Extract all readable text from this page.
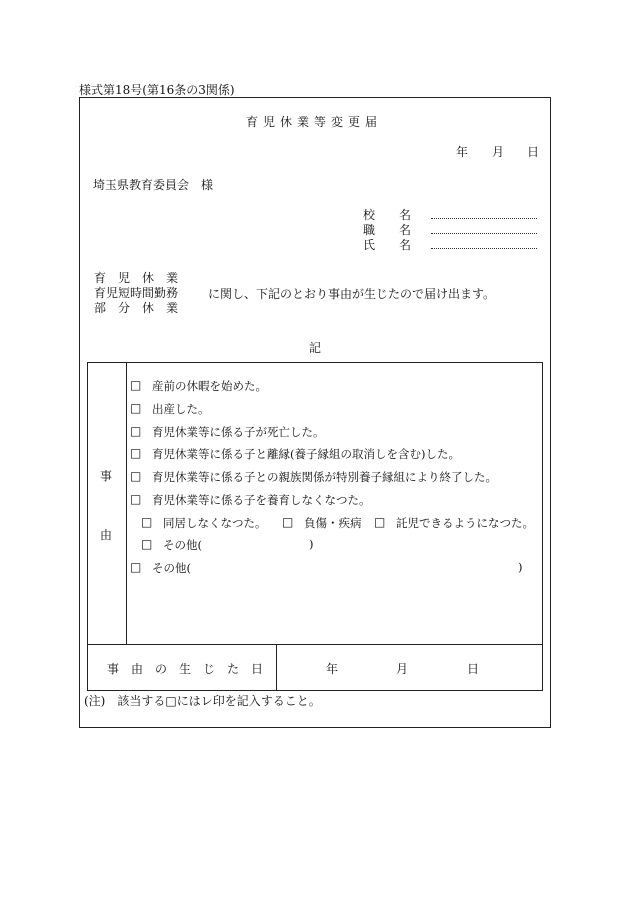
様式第18号(第16条の3関係)
育児休業等変更届
年 月 日
埼玉県教育委員会　様
校　　名
職　　名
氏　　名
育　児　休　業
育児短時間勤務
部　分　休　業
に関し、下記のとおり事由が生じたので届け出ます。
記
事
由
□ 産前の休暇を始めた。
□ 出産した。
□ 育児休業等に係る子が死亡した。
□ 育児休業等に係る子と離縁(養子縁組の取消しを含む)した。
□ 育児休業等に係る子との親族関係が特別養子縁組により終了した。
□ 育児休業等に係る子を養育しなくなつた。
□ 同居しなくなつた。 □ 負傷・疾病 □ 託児できるようになつた。
□ その他(	)
□ その他(	)
事　由　の　生　じ　た　日	年	月	日
(注)　該当する□にはレ印を記入すること。
